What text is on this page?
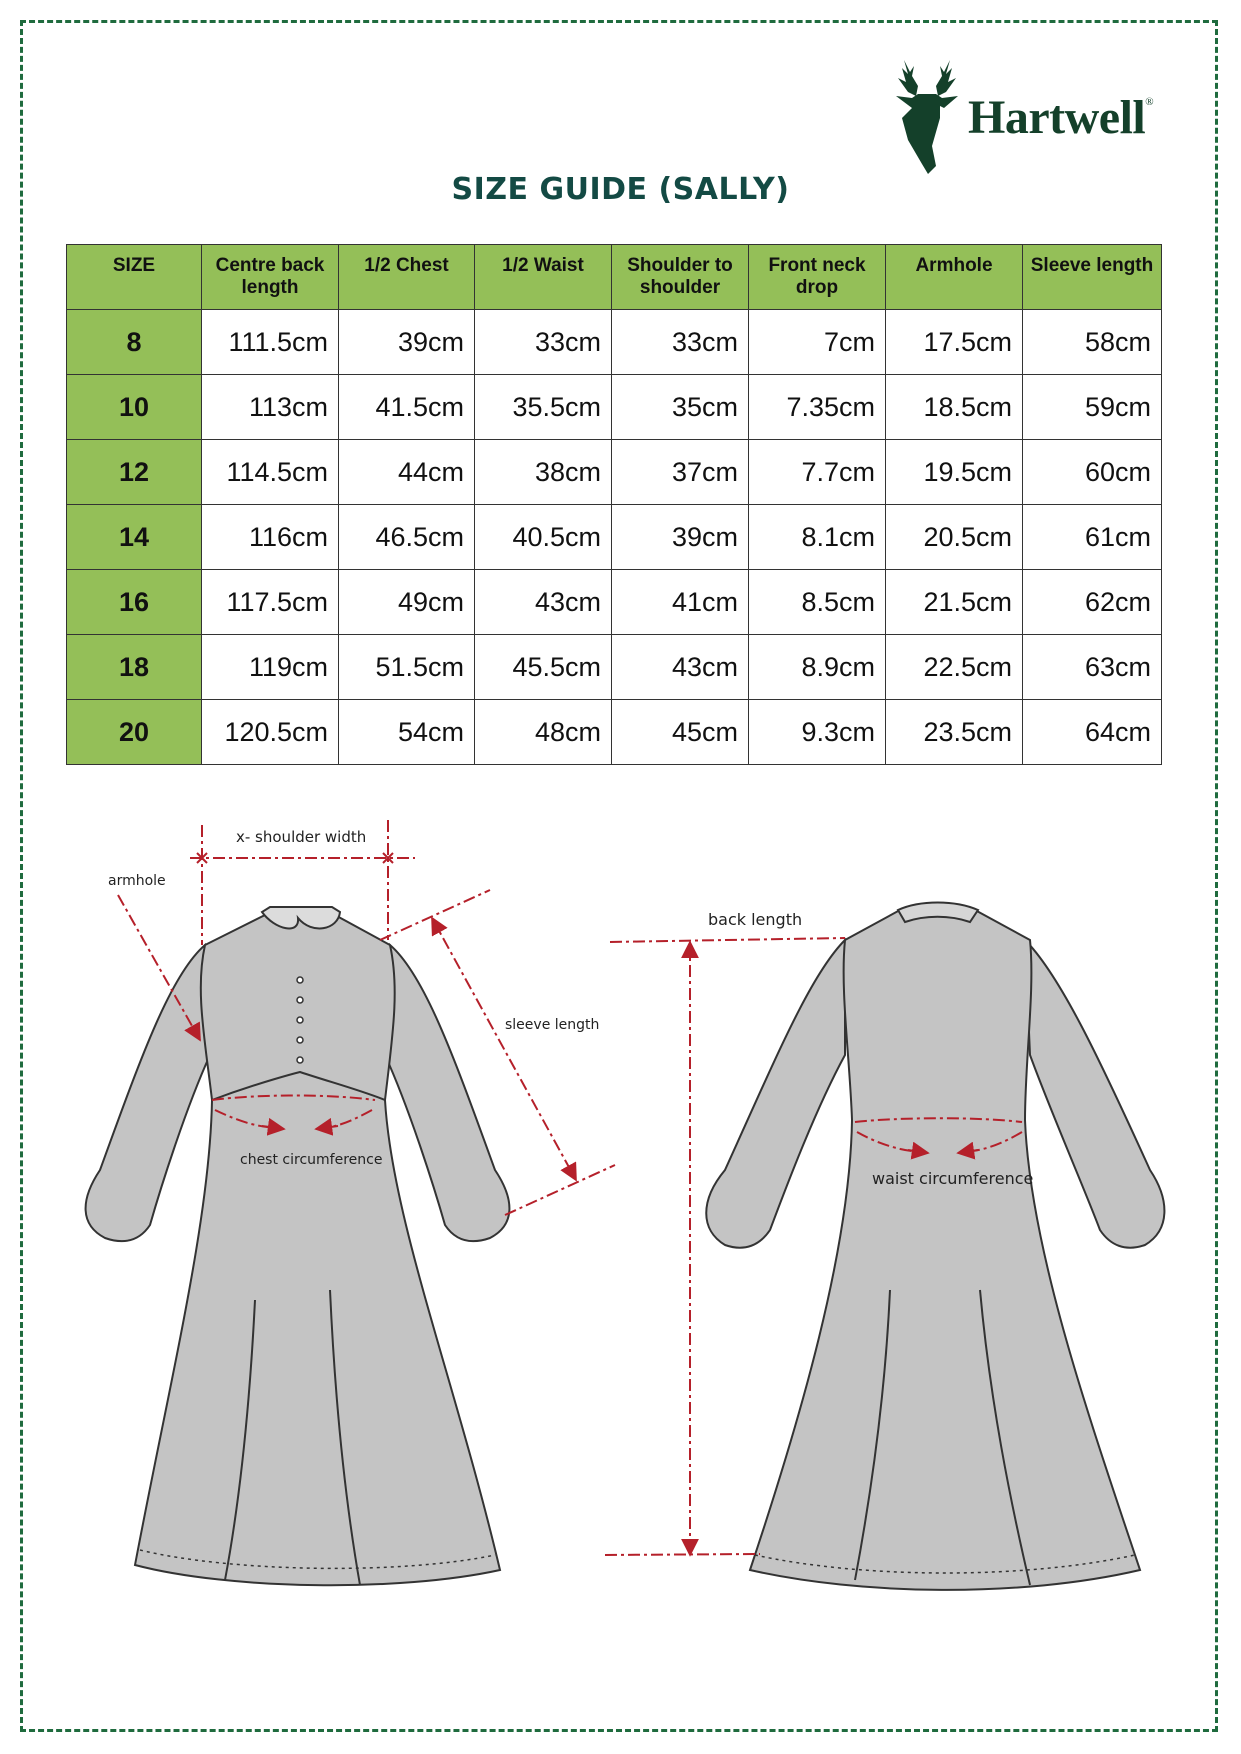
Hartwell®
SIZE GUIDE (SALLY)
SIZE	Centre back length	1/2 Chest	1/2 Waist	Shoulder to shoulder	Front neck drop	Armhole	Sleeve length
8	111.5cm	39cm	33cm	33cm	7cm	17.5cm	58cm
10	113cm	41.5cm	35.5cm	35cm	7.35cm	18.5cm	59cm
12	114.5cm	44cm	38cm	37cm	7.7cm	19.5cm	60cm
14	116cm	46.5cm	40.5cm	39cm	8.1cm	20.5cm	61cm
16	117.5cm	49cm	43cm	41cm	8.5cm	21.5cm	62cm
18	119cm	51.5cm	45.5cm	43cm	8.9cm	22.5cm	63cm
20	120.5cm	54cm	48cm	45cm	9.3cm	23.5cm	64cm
x- shoulder width
armhole
sleeve length
chest circumference
back length
waist circumference
